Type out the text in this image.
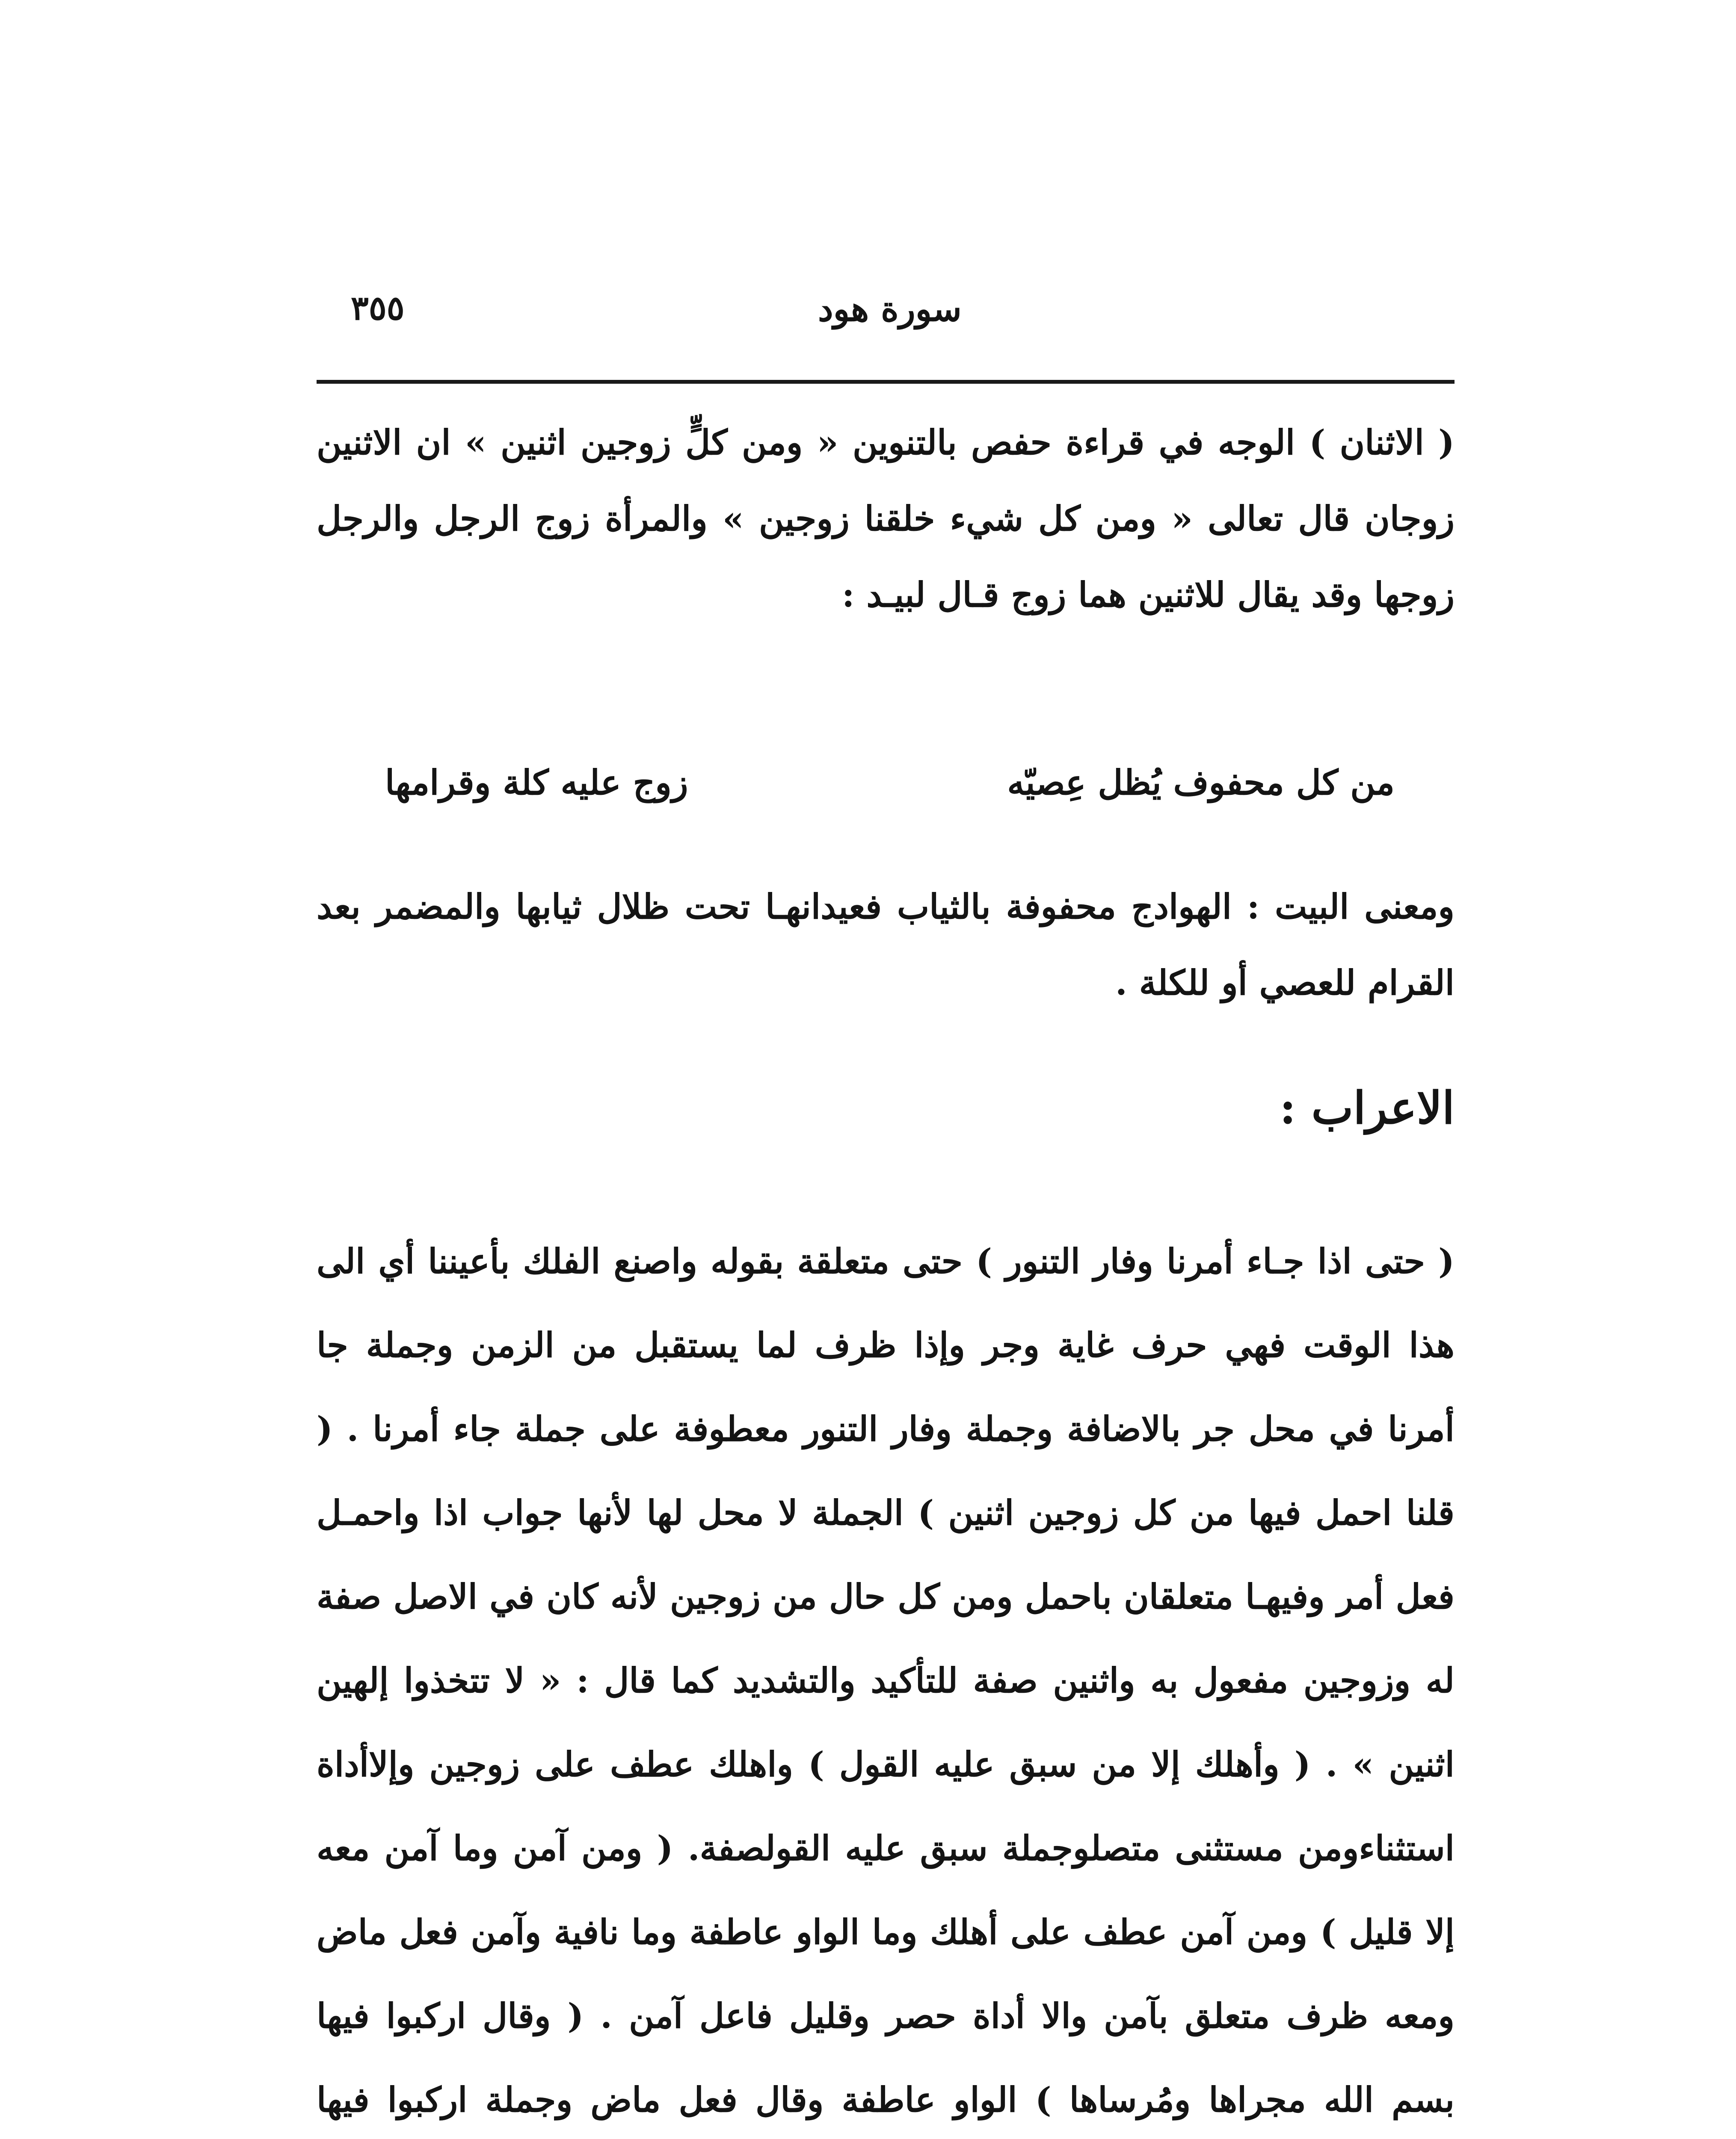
سورة هود
٣٥٥

( الاثنان ) الوجه في قراءة حفص بالتنوين « ومن كلٍّ زوجين اثنين » ان الاثنين زوجان قال تعالى « ومن كل شيء خلقنا زوجين » والمرأة زوج الرجل والرجل زوجها وقد يقال للاثنين هما زوج قـال لبيـد :

من كل محفوف يُظل عِصيّه
زوج عليه كلة وقرامها

ومعنى البيت : الهوادج محفوفة بالثياب فعيدانهـا تحت ظلال ثيابها والمضمر بعد القرام للعصي أو للكلة .

الاعراب :

( حتى اذا جـاء أمرنا وفار التنور ) حتى متعلقة بقوله واصنع الفلك بأعيننا أي الى هذا الوقت فهي حرف غاية وجر وإذا ظرف لما يستقبل من الزمن وجملة جا أمرنا في محل جر بالاضافة وجملة وفار التنور معطوفة على جملة جاء أمرنا . ( قلنا احمل فيها من كل زوجين اثنين ) الجملة لا محل لها لأنها جواب اذا واحمـل فعل أمر وفيهـا متعلقان باحمل ومن كل حال من زوجين لأنه كان في الاصل صفة له وزوجين مفعول به واثنين صفة للتأكيد والتشديد كما قال : « لا تتخذوا إلهين اثنين » . ( وأهلك إلا من سبق عليه القول ) واهلك عطف على زوجين وإلاأداة استثناءومن مستثنى متصلوجملة سبق عليه القولصفة. ( ومن آمن وما آمن معه إلا قليل ) ومن آمن عطف على أهلك وما الواو عاطفة وما نافية وآمن فعل ماض ومعه ظرف متعلق بآمن والا أداة حصر وقليل فاعل آمن . ( وقال اركبوا فيها بسم الله مجراها ومُرساها ) الواو عاطفة وقال فعل ماض وجملة اركبوا فيها
